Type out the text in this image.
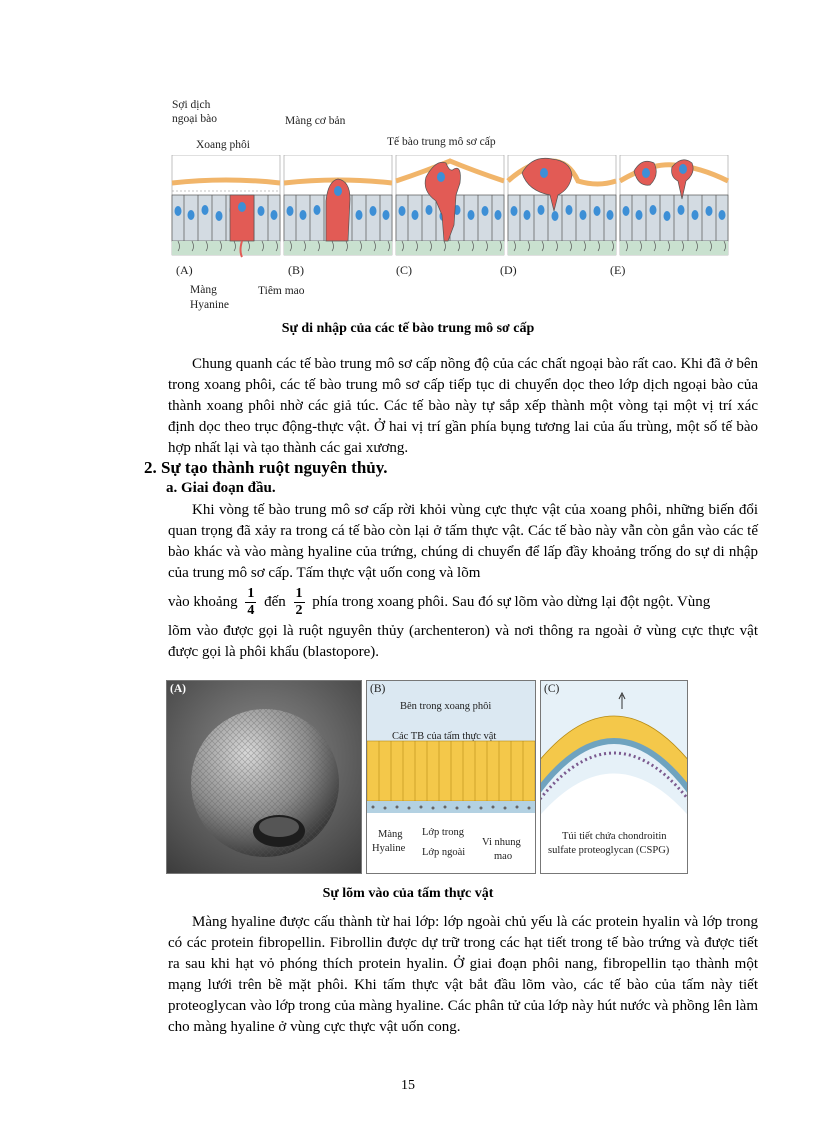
Sợi dịch
ngoại bào
Xoang phôi
Màng cơ bản
Tế bào trung mô sơ cấp
Màng
Hyanine
Tiêm mao
(A)	(B)	(C)	(D)	(E)
Sự di nhập của các tế bào trung mô sơ cấp

Chung quanh các tế bào trung mô sơ cấp nồng độ của các chất ngoại bào rất cao. Khi đã ở bên trong xoang phôi, các tế bào trung mô sơ cấp tiếp tục di chuyển dọc theo lớp dịch ngoại bào của thành xoang phôi nhờ các giả túc. Các tế bào này tự sắp xếp thành một vòng tại một vị trí xác định dọc theo trục động-thực vật. Ở hai vị trí gần phía bụng tương lai của ấu trùng, một số tế bào hợp nhất lại và tạo thành các gai xương.

2. Sự tạo thành ruột nguyên thủy.
a. Giai đoạn đầu.

Khi vòng tế bào trung mô sơ cấp rời khỏi vùng cực thực vật của xoang phôi, những biến đổi quan trọng đã xảy ra trong cá tế bào còn lại ở tấm thực vật. Các tế bào này vẫn còn gắn vào các tế bào khác và vào màng hyaline của trứng, chúng di chuyển để lấp đầy khoảng trống do sự di nhập của trung mô sơ cấp. Tấm thực vật uốn cong và lõm

vào khoảng $\frac{1}{4}$ đến $\frac{1}{2}$ phía trong xoang phôi. Sau đó sự lõm vào dừng lại đột ngột. Vùng

lõm vào được gọi là ruột nguyên thủy (archenteron) và nơi thông ra ngoài ở vùng cực thực vật được gọi là phôi khẩu (blastopore).

(A)	(B)
Bên trong xoang phôi
Các TB của tấm thực vật
Màng
Hyaline
Lớp trong
Lớp ngoài
Vi nhung
mao
(C)
Túi tiết chứa chondroitin
sulfate proteoglycan (CSPG)
Sự lõm vào của tấm thực vật

Màng hyaline được cấu thành từ hai lớp: lớp ngoài chủ yếu là các protein hyalin và lớp trong có các protein fibropellin. Fibrollin được dự trữ trong các hạt tiết trong tế bào trứng và được tiết ra sau khi hạt vỏ phóng thích protein hyalin. Ở giai đoạn phôi nang, fibropellin tạo thành một mạng lưới trên bề mặt phôi. Khi tấm thực vật bắt đầu lõm vào, các tế bào của tấm này tiết proteoglycan vào lớp trong của màng hyaline. Các phân tử của lớp này hút nước và phồng lên làm cho màng hyaline ở vùng cực thực vật uốn cong.

15
